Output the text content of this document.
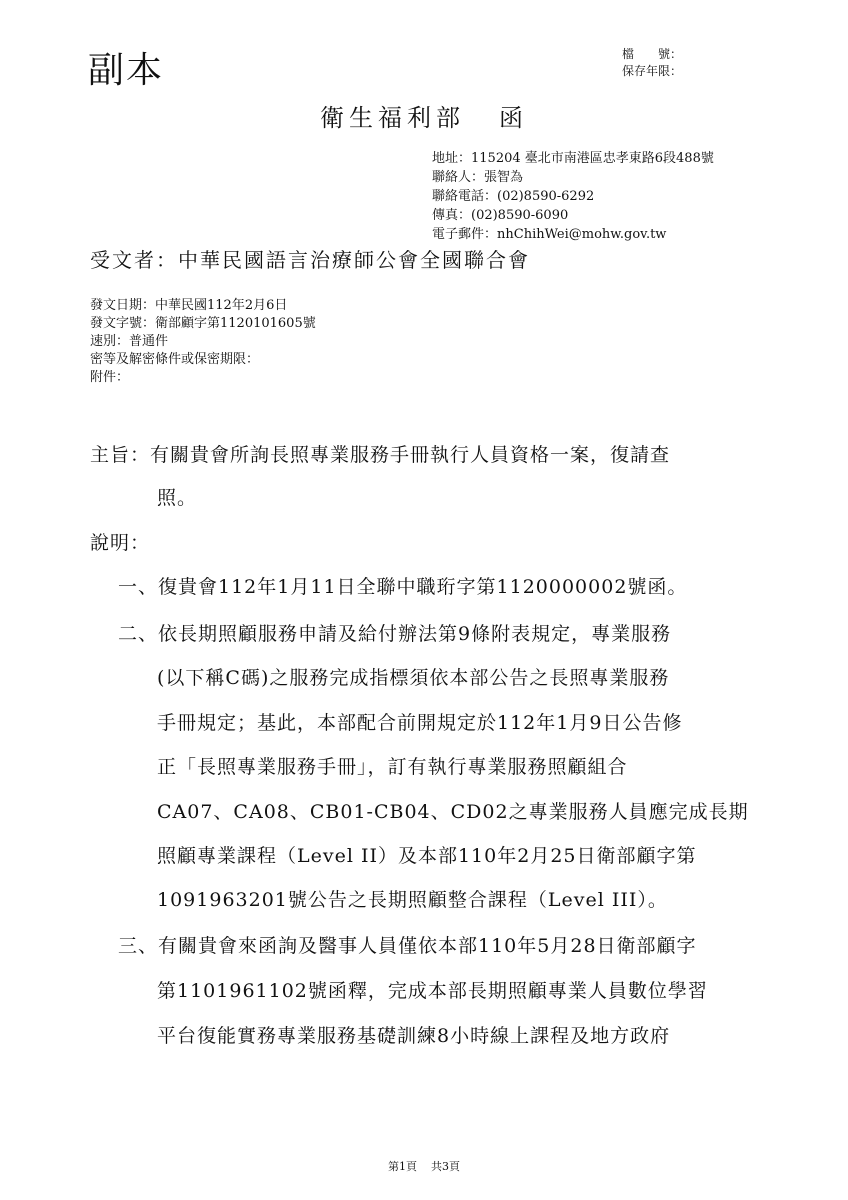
副本	檔　　號：
保存年限：
衛生福利部 函
地址：115204 臺北市南港區忠孝東路6段488號
聯絡人：張智為
聯絡電話：(02)8590-6292
傳真：(02)8590-6090
電子郵件：nhChihWei@mohw.gov.tw
受文者：中華民國語言治療師公會全國聯合會
發文日期：中華民國112年2月6日
發文字號：衛部顧字第1120101605號
速別：普通件
密等及解密條件或保密期限：
附件：
主旨：有關貴會所詢長照專業服務手冊執行人員資格一案，復請查
照。
說明：
一、復貴會112年1月11日全聯中職珩字第1120000002號函。
二、依長期照顧服務申請及給付辦法第9條附表規定，專業服務
(以下稱C碼)之服務完成指標須依本部公告之長照專業服務
手冊規定；基此，本部配合前開規定於112年1月9日公告修
正「長照專業服務手冊」，訂有執行專業服務照顧組合
CA07、CA08、CB01-CB04、CD02之專業服務人員應完成長期
照顧專業課程（Level II）及本部110年2月25日衛部顧字第
1091963201號公告之長期照顧整合課程（Level III）。
三、有關貴會來函詢及醫事人員僅依本部110年5月28日衛部顧字
第1101961102號函釋，完成本部長期照顧專業人員數位學習
平台復能實務專業服務基礎訓練8小時線上課程及地方政府
第1頁 共3頁
